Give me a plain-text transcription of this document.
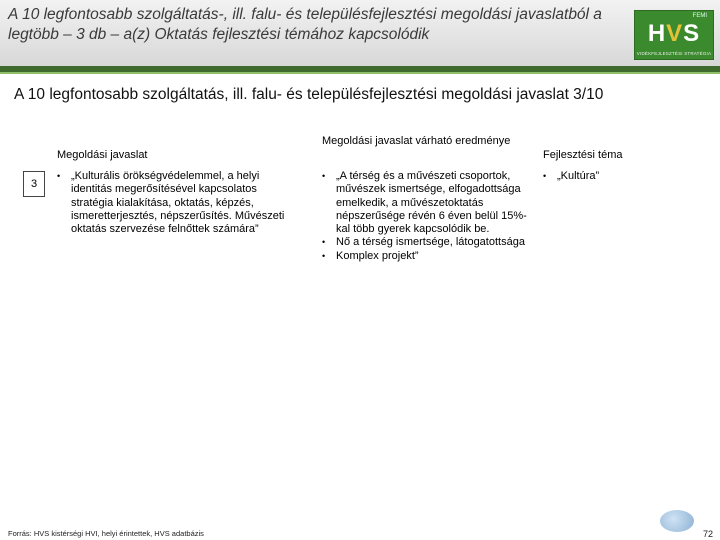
A 10 legfontosabb szolgáltatás-, ill. falu- és településfejlesztési megoldási javaslatból a legtöbb – 3 db – a(z) Oktatás fejlesztési témához kapcsolódik
FEMI
HVS
VIDÉKFEJLESZTÉSI STRATÉGIA
A 10 legfontosabb szolgáltatás, ill. falu- és településfejlesztési megoldási javaslat 3/10
Megoldási javaslat
Megoldási javaslat várható eredménye
Fejlesztési téma
3
• „Kulturális örökségvédelemmel, a helyi identitás megerősítésével kapcsolatos stratégia kialakítása, oktatás, képzés, ismeretterjesztés, népszerűsítés. Művészeti oktatás szervezése felnőttek számára”
• „A térség és a művészeti csoportok, művészek ismertsége, elfogadottsága emelkedik, a művészetoktatás népszerűsége révén 6 éven belül 15%-kal több gyerek kapcsolódik be.
• Nő a térség ismertsége, látogatottsága
• Komplex projekt”
• „Kultúra”
Forrás: HVS kistérségi HVI, helyi érintettek, HVS adatbázis	72
